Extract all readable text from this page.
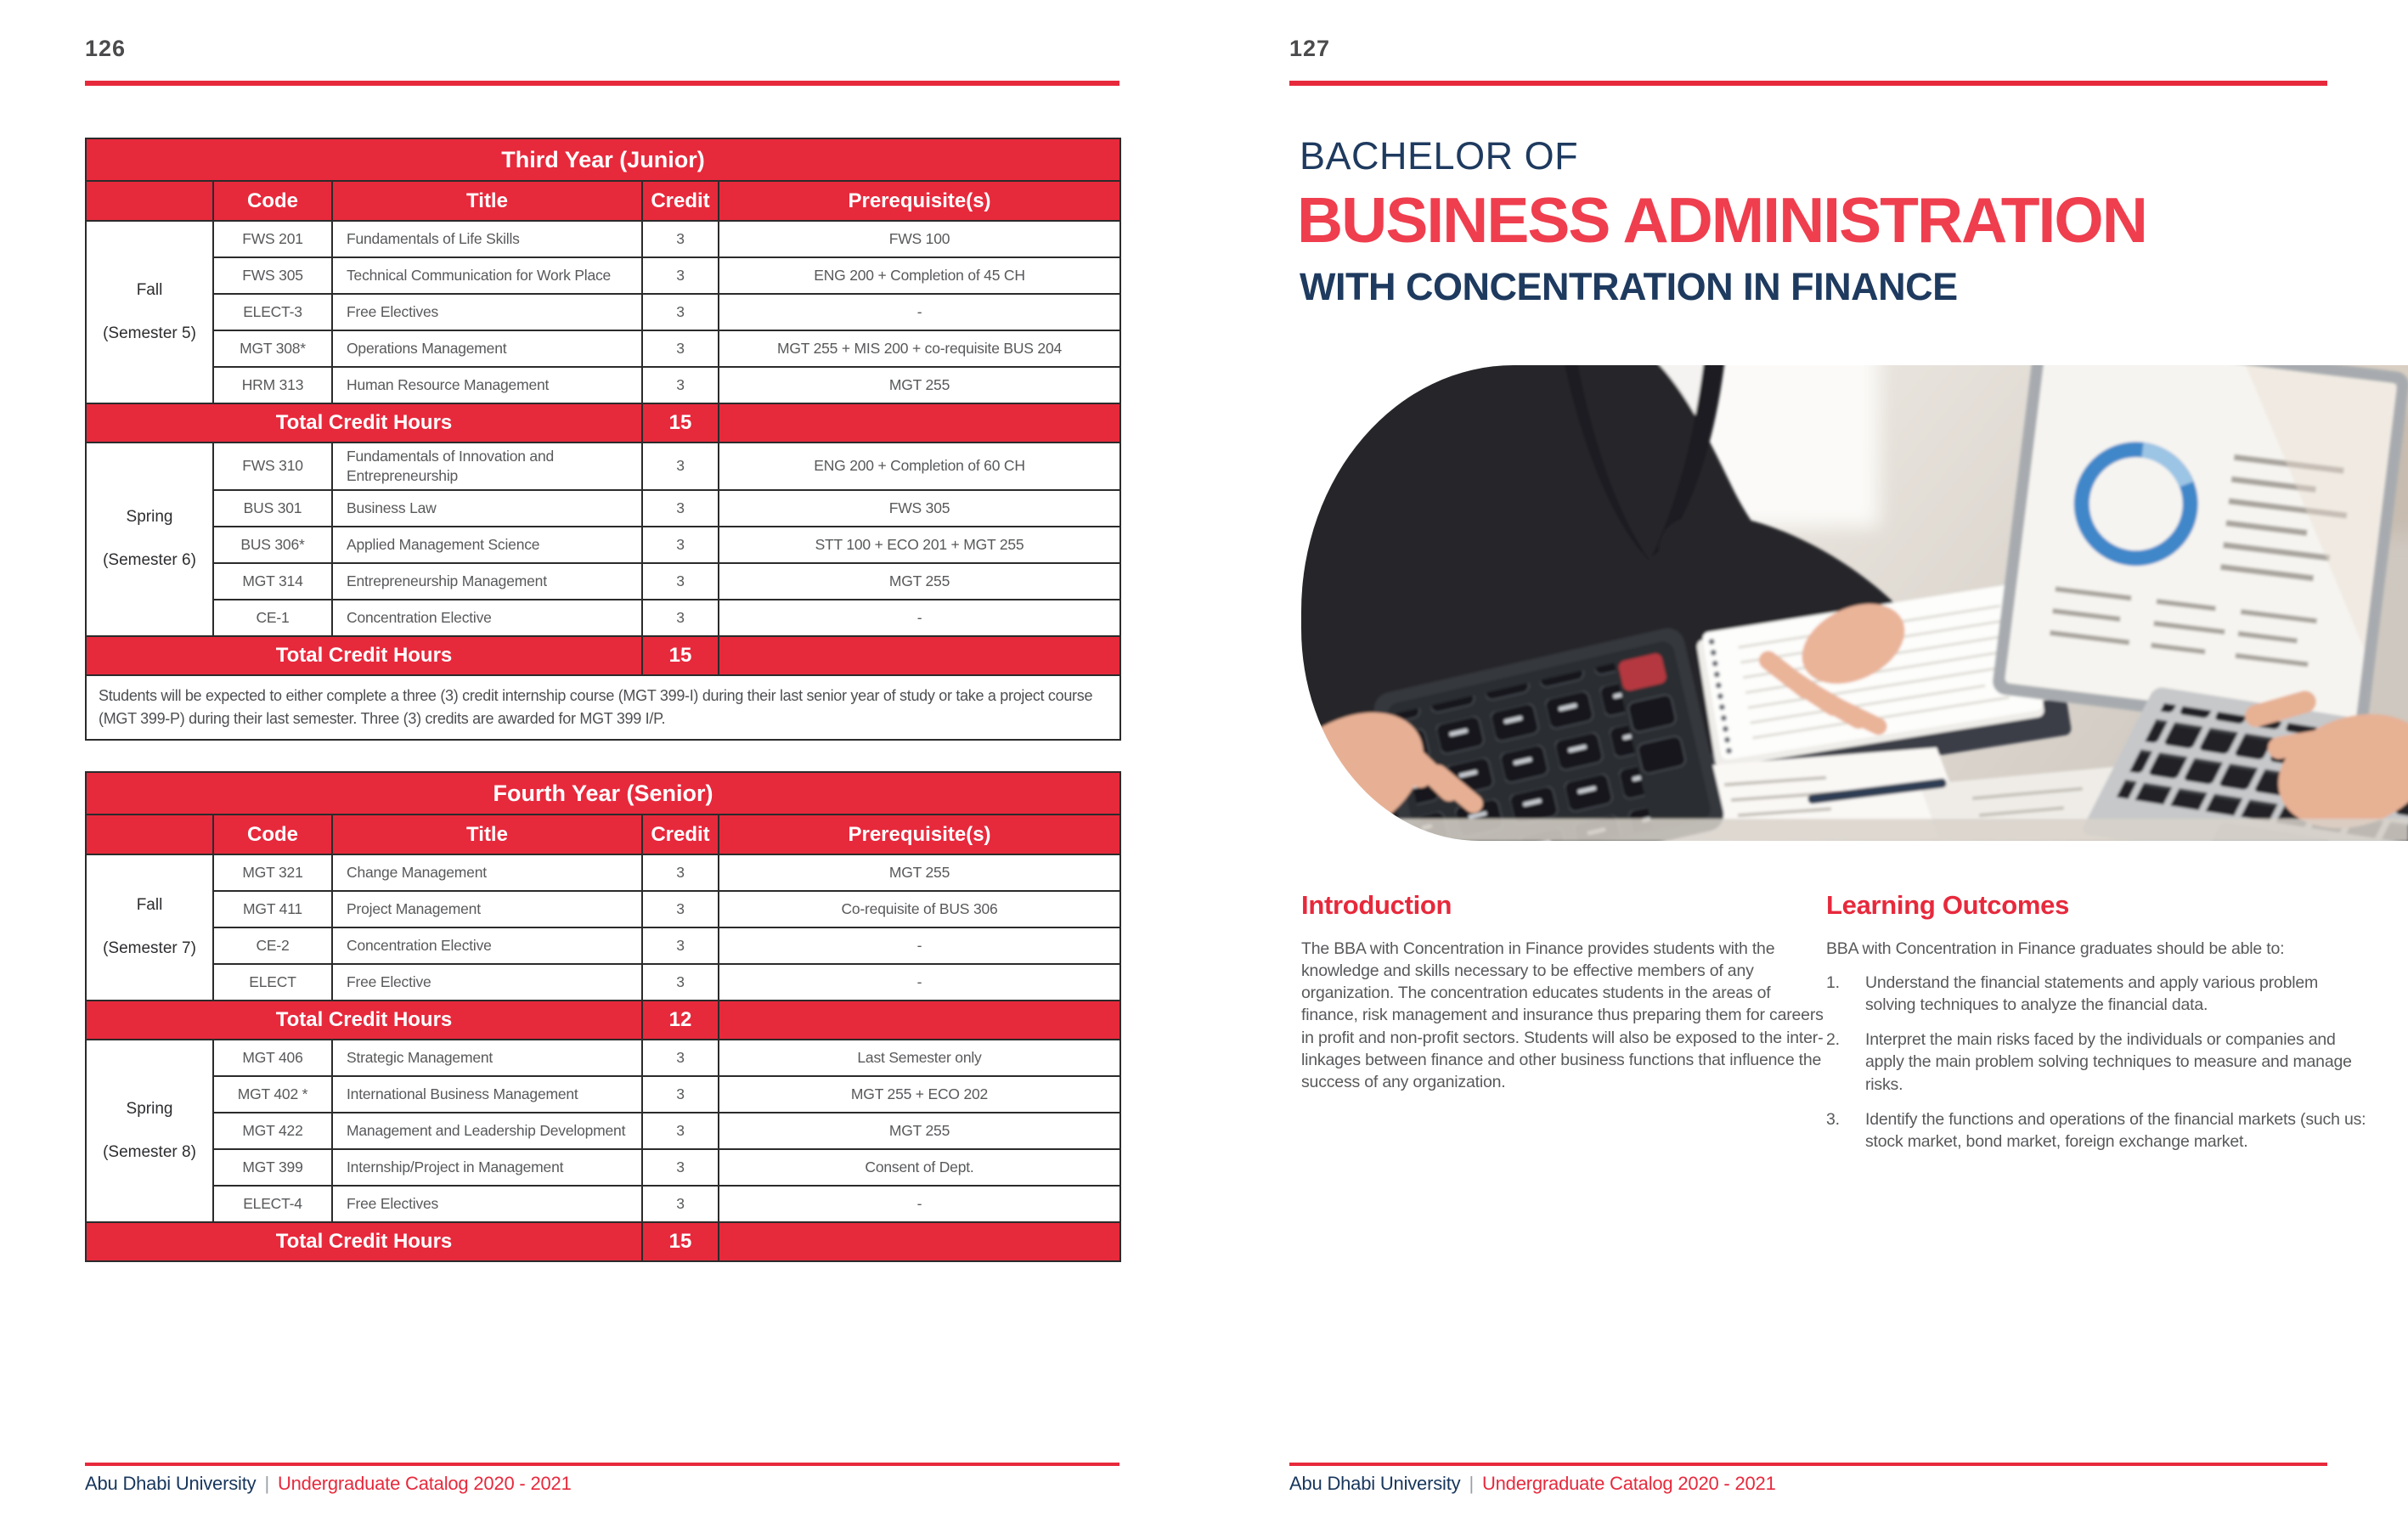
126
Third Year (Junior)				
	Code	Title	Credit	Prerequisite(s)

Fall
(Semester 5)	FWS 201	Fundamentals of Life Skills	3	FWS 100
	FWS 305	Technical Communication for Work Place	3	ENG 200 + Completion of 45 CH
	ELECT-3	Free Electives	3	-
	MGT 308*	Operations Management	3	MGT 255 + MIS 200 + co-requisite BUS 204
	HRM 313	Human Resource Management	3	MGT 255
Total Credit Hours			15	

Spring
(Semester 6)	FWS 310	Fundamentals of Innovation and Entrepreneurship	3	ENG 200 + Completion of 60 CH
	BUS 301	Business Law	3	FWS 305
	BUS 306*	Applied Management Science	3	STT 100 + ECO 201 + MGT 255
	MGT 314	Entrepreneurship Management	3	MGT 255
	CE-1	Concentration Elective	3	-
Total Credit Hours			15	
Students will be expected to either complete a three (3) credit internship course (MGT 399-I) during their last senior year of study or take a project course (MGT 399-P) during their last semester. Three (3) credits are awarded for MGT 399 I/P.				
Fourth Year (Senior)				
	Code	Title	Credit	Prerequisite(s)

Fall
(Semester 7)	MGT 321	Change Management	3	MGT 255
	MGT 411	Project Management	3	Co-requisite of BUS 306
	CE-2	Concentration Elective	3	-
	ELECT	Free Elective	3	-
Total Credit Hours			12	

Spring
(Semester 8)	MGT 406	Strategic Management	3	Last Semester only
	MGT 402 *	International Business Management	3	MGT 255 + ECO 202
	MGT 422	Management and Leadership Development	3	MGT 255
	MGT 399	Internship/Project in Management	3	Consent of Dept.
	ELECT-4	Free Electives	3	-
Total Credit Hours			15	
Abu Dhabi University | Undergraduate Catalog 2020 - 2021
127
BACHELOR OF
BUSINESS ADMINISTRATION
WITH CONCENTRATION IN FINANCE
Introduction
The BBA with Concentration in Finance provides students with the knowledge and skills necessary to be effective members of any organization. The concentration educates students in the areas of finance, risk management and insurance thus preparing them for careers in profit and non-profit sectors. Students will also be exposed to the inter-linkages between finance and other business functions that influence the success of any organization.
Learning Outcomes
BBA with Concentration in Finance graduates should be able to:
1.	Understand the financial statements and apply various problem solving techniques to analyze the financial data.
2.	Interpret the main risks faced by the individuals or companies and apply the main problem solving techniques to measure and manage risks.
3.	Identify the functions and operations of the financial markets (such us: stock market, bond market, foreign exchange market.
Abu Dhabi University | Undergraduate Catalog 2020 - 2021
